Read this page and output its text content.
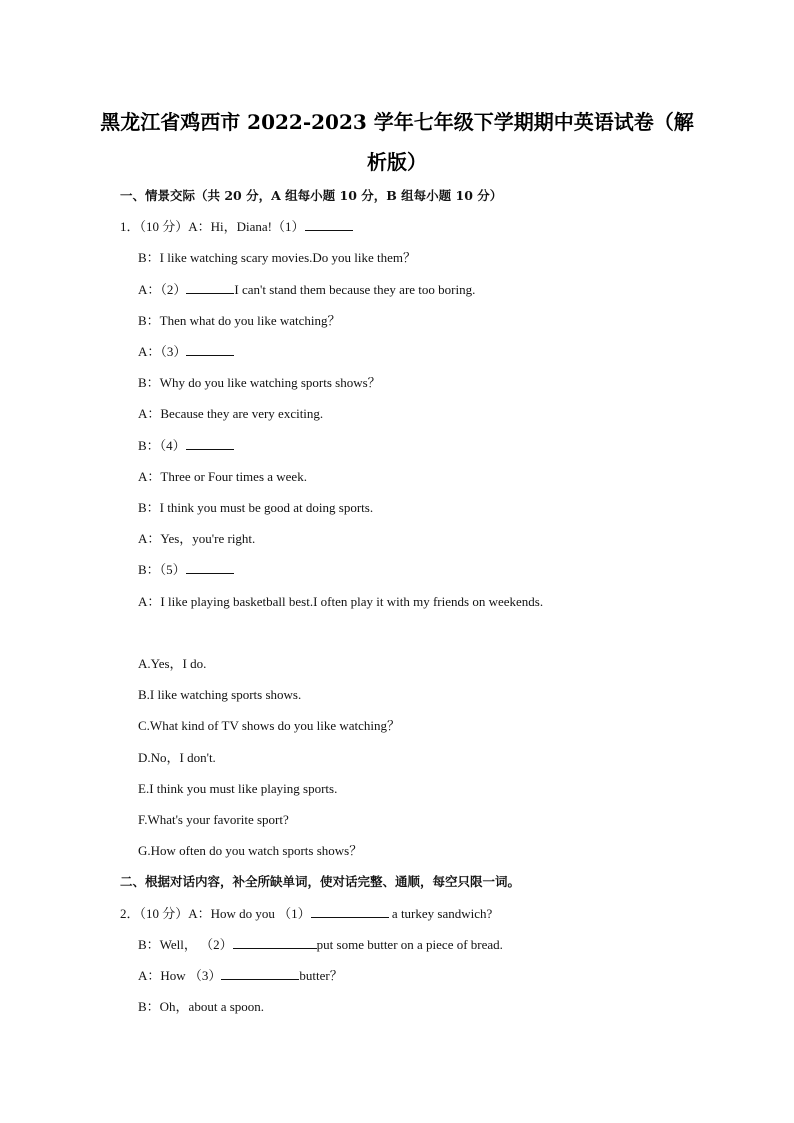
黑龙江省鸡西市 2022-2023 学年七年级下学期期中英语试卷（解
析版）
一、情景交际（共 20 分，A 组每小题 10 分，B 组每小题 10 分）
1．（10 分）A：Hi，Diana!（1）
B：I like watching scary movies.Do you like them？
A：（2）	I can't stand them because they are too boring.
B：Then what do you like watching？
A：（3）
B：Why do you like watching sports shows？
A：Because they are very exciting.
B：（4）
A：Three or Four times a week.
B：I think you must be good at doing sports.
A：Yes，you're right.
B：（5）
A：I like playing basketball best.I often play it with my friends on weekends.
A.Yes，I do.
B.I like watching sports shows.
C.What kind of TV shows do you like watching？
D.No，I don't.
E.I think you must like playing sports.
F.What's your favorite sport?
G.How often do you watch sports shows？
二、根据对话内容，补全所缺单词，使对话完整、通顺，每空只限一词。
2．（10 分）A：How do you （1）	a turkey sandwich?
B：Well， （2）	put some butter on a piece of bread.
A：How （3）	butter？
B：Oh，about a spoon.
